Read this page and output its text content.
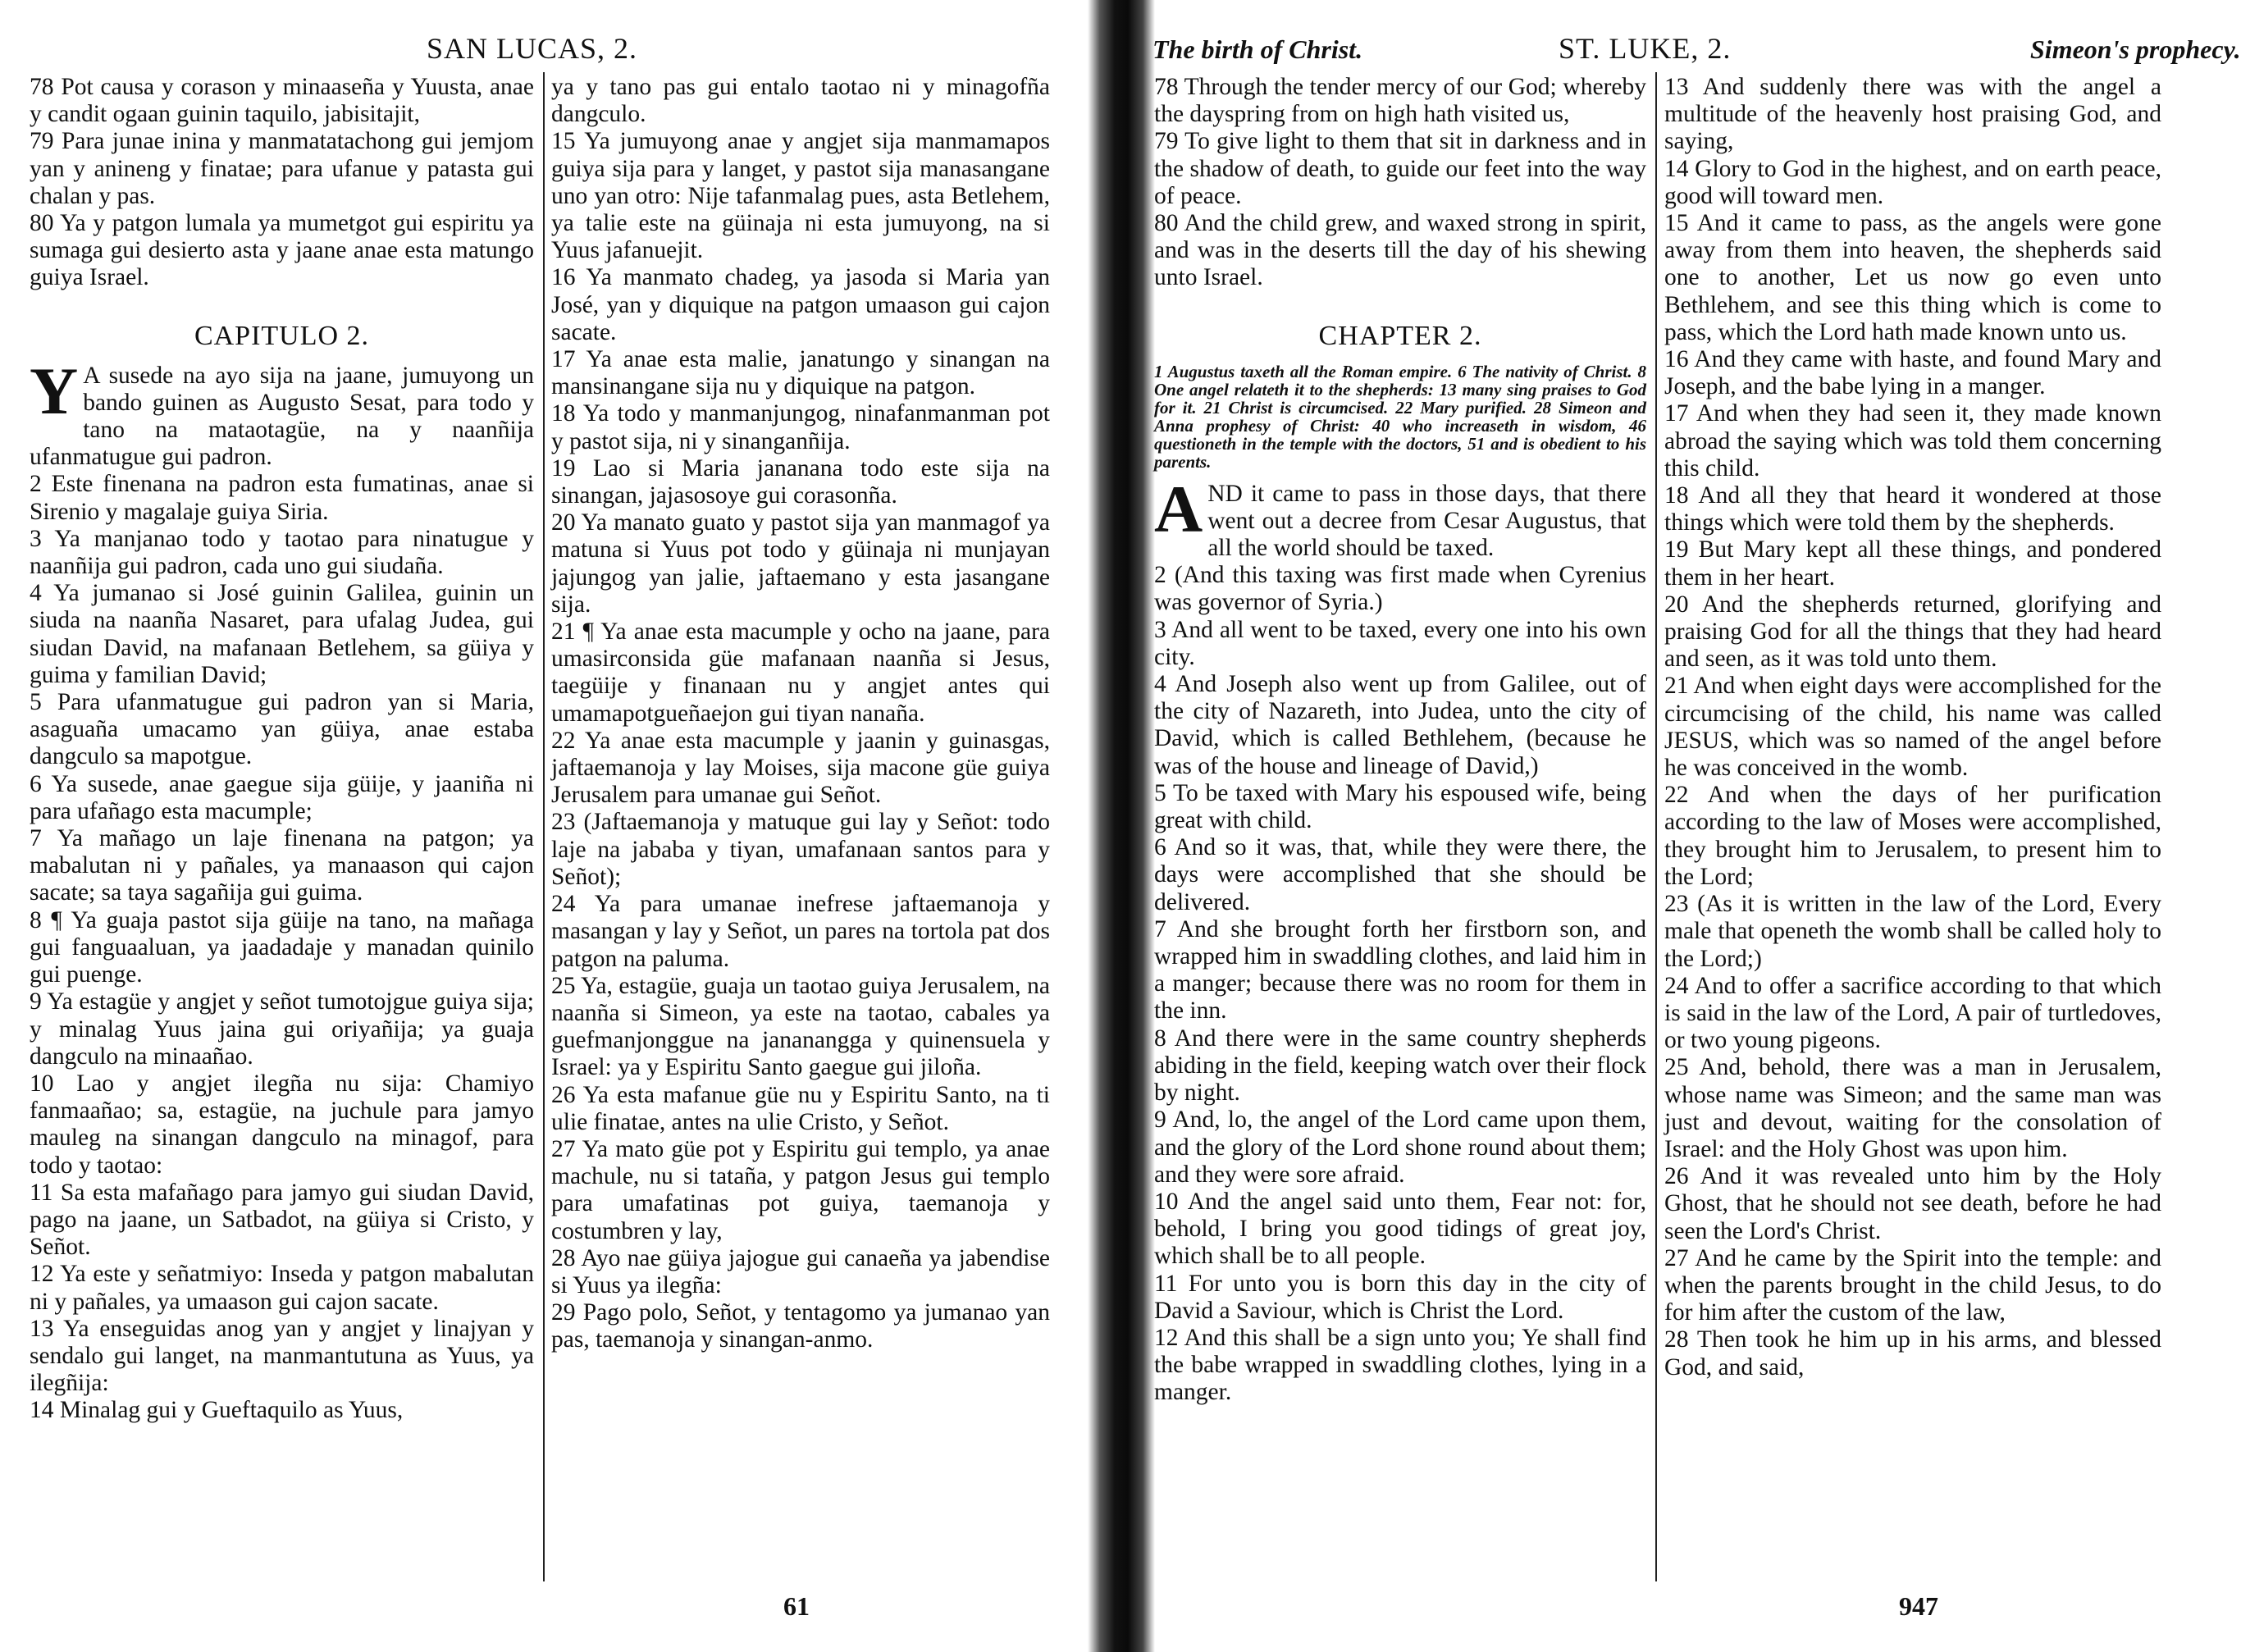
SAN LUCAS, 2.

78 Pot causa y corason y minaaseña y Yuusta, anae y candit ogaan guinin taquilo, jabisitajit,

79 Para junae inina y manmatatachong gui jemjom yan y anineng y finatae; para ufanue y patasta gui chalan y pas.

80 Ya y patgon lumala ya mumetgot gui espiritu ya sumaga gui desierto asta y jaane anae esta matungo guiya Israel.

CAPITULO 2.

Y A susede na ayo sija na jaane, jumuyong un bando guinen as Augusto Sesat, para todo y tano na mataotagüe, na y naanñija ufanmatugue gui padron.

2 Este finenana na padron esta fumatinas, anae si Sirenio y magalaje guiya Siria.

3 Ya manjanao todo y taotao para ninatugue y naanñija gui padron, cada uno gui siudaña.

4 Ya jumanao si José guinin Galilea, guinin un siuda na naanña Nasaret, para ufalag Judea, gui siudan David, na mafanaan Betlehem, sa güiya y guima y familian David;

5 Para ufanmatugue gui padron yan si Maria, asaguaña umacamo yan güiya, anae estaba dangculo sa mapotgue.

6 Ya susede, anae gaegue sija güije, y jaaniña ni para ufañago esta macumple;

7 Ya mañago un laje finenana na patgon; ya mabalutan ni y pañales, ya manaason qui cajon sacate; sa taya sagañija gui guima.

8 ¶ Ya guaja pastot sija güije na tano, na mañaga gui fanguaaluan, ya jaadadaje y manadan quinilo gui puenge.

9 Ya estagüe y angjet y señot tumotojgue guiya sija; y minalag Yuus jaina gui oriyañija; ya guaja dangculo na minaañao.

10 Lao y angjet ilegña nu sija: Chamiyo fanmaañao; sa, estagüe, na juchule para jamyo mauleg na sinangan dangculo na minagof, para todo y taotao:

11 Sa esta mafañago para jamyo gui siudan David, pago na jaane, un Satbadot, na güiya si Cristo, y Señot.

12 Ya este y señatmiyo: Inseda y patgon mabalutan ni y pañales, ya umaason gui cajon sacate.

13 Ya enseguidas anog yan y angjet y linajyan y sendalo gui langet, na manmantutuna as Yuus, ya ilegñija:

14 Minalag gui y Gueftaquilo as Yuus,

ya y tano pas gui entalo taotao ni y minagofña dangculo.

15 Ya jumuyong anae y angjet sija manmamapos guiya sija para y langet, y pastot sija manasangane uno yan otro: Nije tafanmalag pues, asta Betlehem, ya talie este na güinaja ni esta jumuyong, na si Yuus jafanuejit.

16 Ya manmato chadeg, ya jasoda si Maria yan José, yan y diquique na patgon umaason gui cajon sacate.

17 Ya anae esta malie, janatungo y sinangan na mansinangane sija nu y diquique na patgon.

18 Ya todo y manmanjungog, ninafanmanman pot y pastot sija, ni y sinanganñija.

19 Lao si Maria jananana todo este sija na sinangan, jajasosoye gui corasonña.

20 Ya manato guato y pastot sija yan manmagof ya matuna si Yuus pot todo y güinaja ni munjayan jajungog yan jalie, jaftaemano y esta jasangane sija.

21 ¶ Ya anae esta macumple y ocho na jaane, para umasirconsida güe mafanaan naanña si Jesus, taegüije y finanaan nu y angjet antes qui umamapotgueñaejon gui tiyan nanaña.

22 Ya anae esta macumple y jaanin y guinasgas, jaftaemanoja y lay Moises, sija macone güe guiya Jerusalem para umanae gui Señot.

23 (Jaftaemanoja y matuque gui lay y Señot: todo laje na jababa y tiyan, umafanaan santos para y Señot);

24 Ya para umanae inefrese jaftaemanoja y masangan y lay y Señot, un pares na tortola pat dos patgon na paluma.

25 Ya, estagüe, guaja un taotao guiya Jerusalem, na naanña si Simeon, ya este na taotao, cabales ya guefmanjonggue na jananangga y quinensuela y Israel: ya y Espiritu Santo gaegue gui jiloña.

26 Ya esta mafanue güe nu y Espiritu Santo, na ti ulie finatae, antes na ulie Cristo, y Señot.

27 Ya mato güe pot y Espiritu gui templo, ya anae machule, nu si tataña, y patgon Jesus gui templo para umafatinas pot guiya, taemanoja y costumbren y lay,

28 Ayo nae güiya jajogue gui canaeña ya jabendise si Yuus ya ilegña:

29 Pago polo, Señot, y tentagomo ya jumanao yan pas, taemanoja y sinangan-anmo.

61
The birth of Christ.	ST. LUKE, 2.	Simeon's prophecy.

78 Through the tender mercy of our God; whereby the dayspring from on high hath visited us,

79 To give light to them that sit in darkness and in the shadow of death, to guide our feet into the way of peace.

80 And the child grew, and waxed strong in spirit, and was in the deserts till the day of his shewing unto Israel.

CHAPTER 2.

1 Augustus taxeth all the Roman empire. 6 The nativity of Christ. 8 One angel relateth it to the shepherds: 13 many sing praises to God for it. 21 Christ is circumcised. 22 Mary purified. 28 Simeon and Anna prophesy of Christ: 40 who increaseth in wisdom, 46 questioneth in the temple with the doctors, 51 and is obedient to his parents.

AND it came to pass in those days, that there went out a decree from Cesar Augustus, that all the world should be taxed.

2 (And this taxing was first made when Cyrenius was governor of Syria.)

3 And all went to be taxed, every one into his own city.

4 And Joseph also went up from Galilee, out of the city of Nazareth, into Judea, unto the city of David, which is called Bethlehem, (because he was of the house and lineage of David,)

5 To be taxed with Mary his espoused wife, being great with child.

6 And so it was, that, while they were there, the days were accomplished that she should be delivered.

7 And she brought forth her firstborn son, and wrapped him in swaddling clothes, and laid him in a manger; because there was no room for them in the inn.

8 And there were in the same country shepherds abiding in the field, keeping watch over their flock by night.

9 And, lo, the angel of the Lord came upon them, and the glory of the Lord shone round about them; and they were sore afraid.

10 And the angel said unto them, Fear not: for, behold, I bring you good tidings of great joy, which shall be to all people.

11 For unto you is born this day in the city of David a Saviour, which is Christ the Lord.

12 And this shall be a sign unto you; Ye shall find the babe wrapped in swaddling clothes, lying in a manger.

13 And suddenly there was with the angel a multitude of the heavenly host praising God, and saying,

14 Glory to God in the highest, and on earth peace, good will toward men.

15 And it came to pass, as the angels were gone away from them into heaven, the shepherds said one to another, Let us now go even unto Bethlehem, and see this thing which is come to pass, which the Lord hath made known unto us.

16 And they came with haste, and found Mary and Joseph, and the babe lying in a manger.

17 And when they had seen it, they made known abroad the saying which was told them concerning this child.

18 And all they that heard it wondered at those things which were told them by the shepherds.

19 But Mary kept all these things, and pondered them in her heart.

20 And the shepherds returned, glorifying and praising God for all the things that they had heard and seen, as it was told unto them.

21 And when eight days were accomplished for the circumcising of the child, his name was called JESUS, which was so named of the angel before he was conceived in the womb.

22 And when the days of her purification according to the law of Moses were accomplished, they brought him to Jerusalem, to present him to the Lord;

23 (As it is written in the law of the Lord, Every male that openeth the womb shall be called holy to the Lord;)

24 And to offer a sacrifice according to that which is said in the law of the Lord, A pair of turtledoves, or two young pigeons.

25 And, behold, there was a man in Jerusalem, whose name was Simeon; and the same man was just and devout, waiting for the consolation of Israel: and the Holy Ghost was upon him.

26 And it was revealed unto him by the Holy Ghost, that he should not see death, before he had seen the Lord's Christ.

27 And he came by the Spirit into the temple: and when the parents brought in the child Jesus, to do for him after the custom of the law,

28 Then took he him up in his arms, and blessed God, and said,

947
